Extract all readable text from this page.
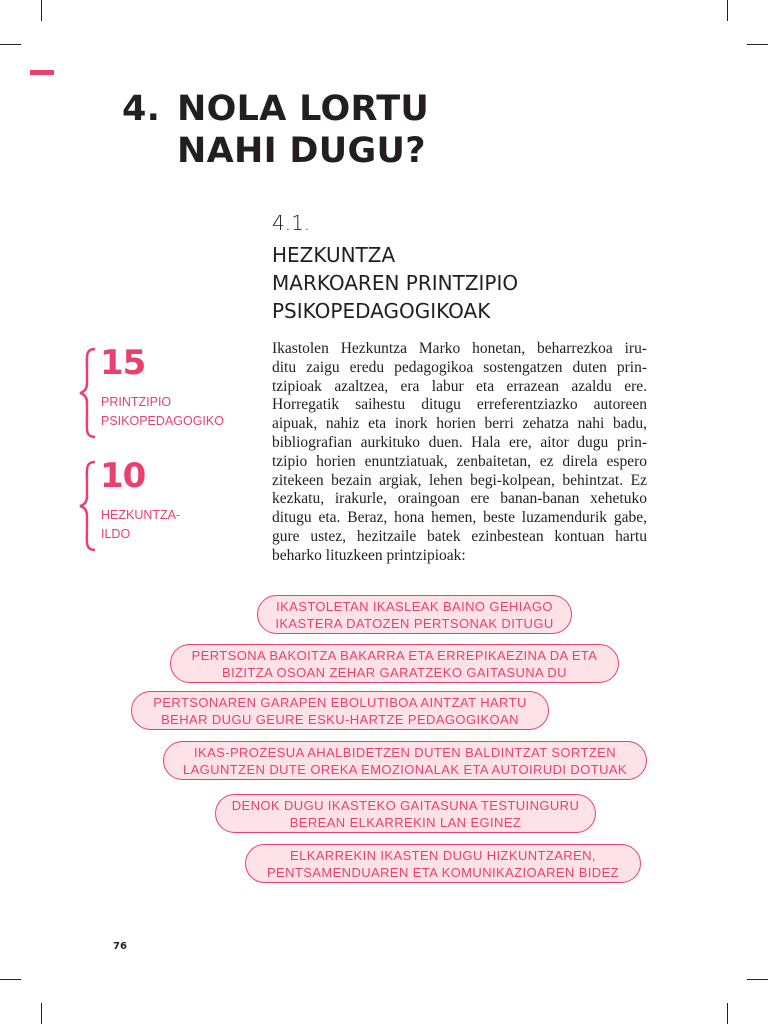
4. NOLA LORTU
NAHI DUGU?
4.1.
HEZKUNTZA
MARKOAREN PRINTZIPIO
PSIKOPEDAGOGIKOAK
15
PRINTZIPIO
PSIKOPEDAGOGIKO
10
HEZKUNTZA-
ILDO
Ikastolen Hezkuntza Marko honetan, beharrezkoa iru-
ditu zaigu eredu pedagogikoa sostengatzen duten prin-
tzipioak azaltzea, era labur eta errazean azaldu ere.
Horregatik saihestu ditugu erreferentziazko autoreen
aipuak, nahiz eta inork horien berri zehatza nahi badu,
bibliografian aurkituko duen. Hala ere, aitor dugu prin-
tzipio horien enuntziatuak, zenbaitetan, ez direla espero
zitekeen bezain argiak, lehen begi-kolpean, behintzat. Ez
kezkatu, irakurle, oraingoan ere banan-banan xehetuko
ditugu eta. Beraz, hona hemen, beste luzamendurik gabe,
gure ustez, hezitzaile batek ezinbestean kontuan hartu
beharko lituzkeen printzipioak:
IKASTOLETAN IKASLEAK BAINO GEHIAGO
IKASTERA DATOZEN PERTSONAK DITUGU
PERTSONA BAKOITZA BAKARRA ETA ERREPIKAEZINA DA ETA
BIZITZA OSOAN ZEHAR GARATZEKO GAITASUNA DU
PERTSONAREN GARAPEN EBOLUTIBOA AINTZAT HARTU
BEHAR DUGU GEURE ESKU-HARTZE PEDAGOGIKOAN
IKAS-PROZESUA AHALBIDETZEN DUTEN BALDINTZAT SORTZEN
LAGUNTZEN DUTE OREKA EMOZIONALAK ETA AUTOIRUDI DOTUAK
DENOK DUGU IKASTEKO GAITASUNA TESTUINGURU
BEREAN ELKARREKIN LAN EGINEZ
ELKARREKIN IKASTEN DUGU HIZKUNTZAREN,
PENTSAMENDUAREN ETA KOMUNIKAZIOAREN BIDEZ
76
